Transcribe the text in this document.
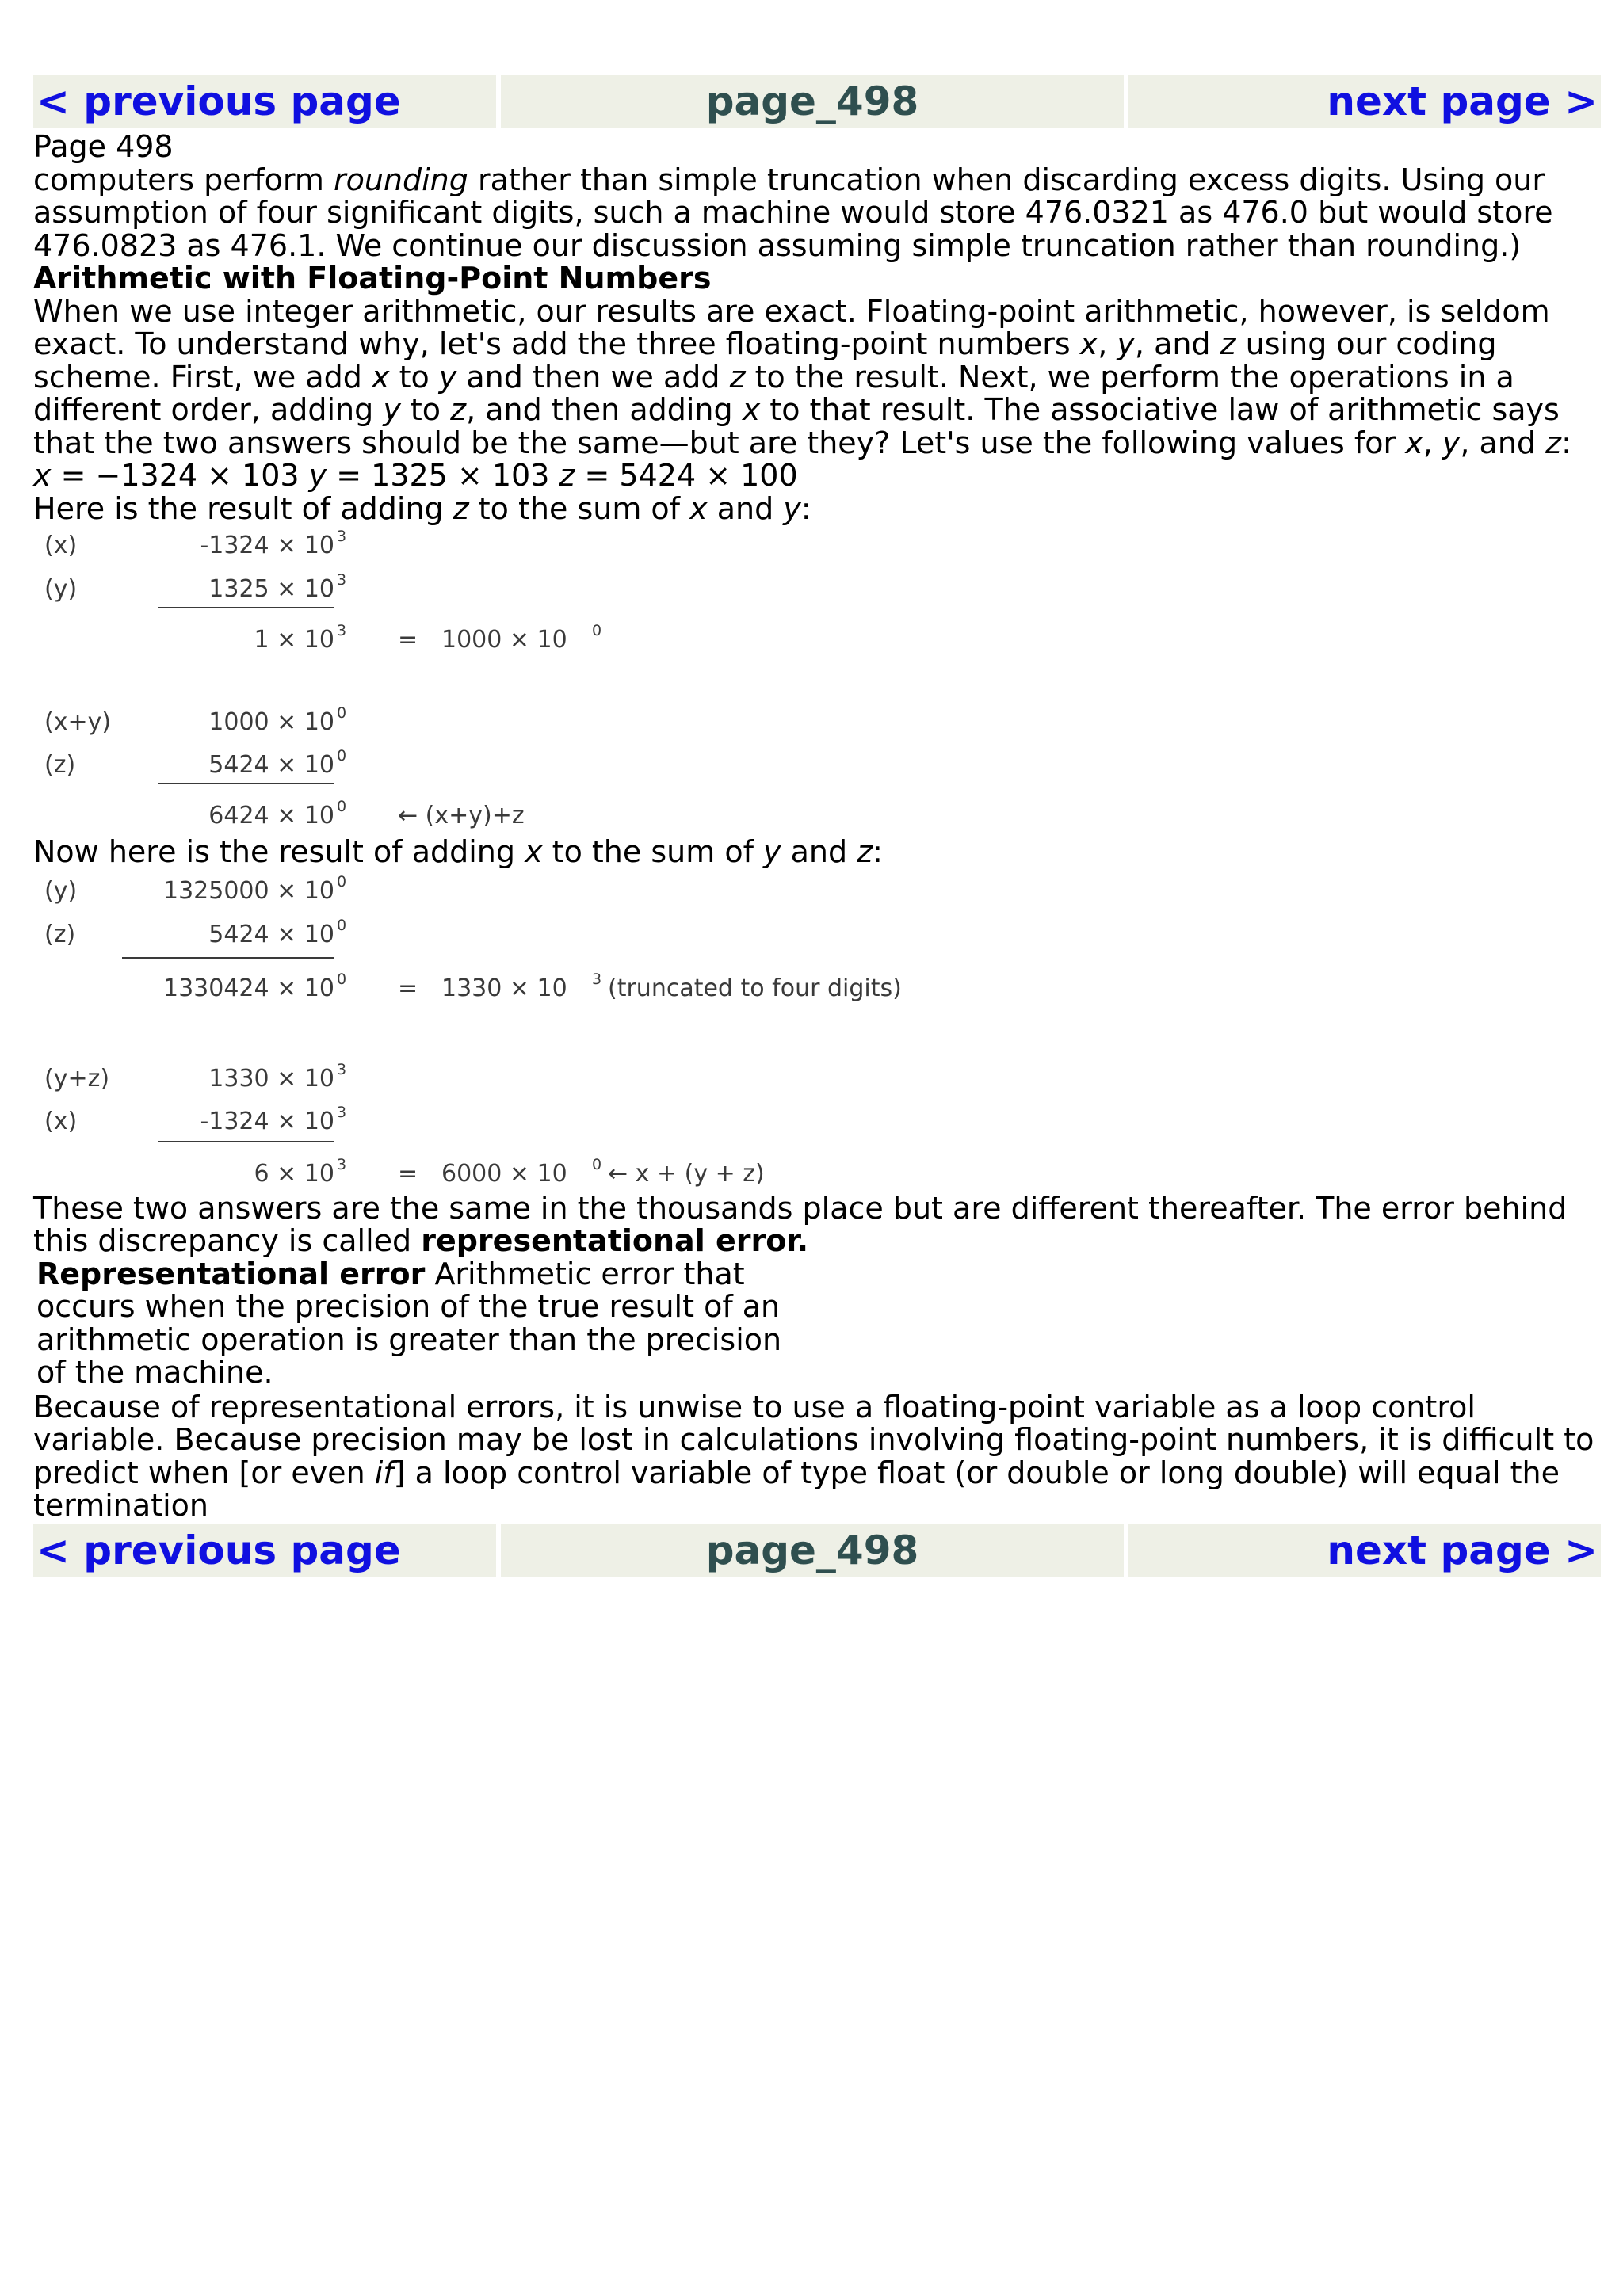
< previous page	page_498	next page >

Page 498

computers perform rounding rather than simple truncation when discarding excess digits. Using our assumption of four significant digits, such a machine would store 476.0321 as 476.0 but would store 476.0823 as 476.1. We continue our discussion assuming simple truncation rather than rounding.)

Arithmetic with Floating-Point Numbers

When we use integer arithmetic, our results are exact. Floating-point arithmetic, however, is seldom exact. To understand why, let's add the three floating-point numbers x, y, and z using our coding scheme. First, we add x to y and then we add z to the result. Next, we perform the operations in a different order, adding y to z, and then adding x to that result. The associative law of arithmetic says that the two answers should be the same—but are they? Let's use the following values for x, y, and z:

x = −1324 × 103 y = 1325 × 103 z = 5424 × 100

Here is the result of adding z to the sum of x and y:

(x)	-1324 × 10 3
(y)	1325 × 10 3
1 × 10 3 = 1000 × 10 0
(x+y)	1000 × 10 0
(z)	5424 × 10 0
6424 × 10 0 ← (x+y)+z

Now here is the result of adding x to the sum of y and z:

(y)	1325000 × 10 0
(z)	5424 × 10 0
1330424 × 10 0 = 1330 × 10 3 (truncated to four digits)
(y+z)	1330 × 10 3
(x)	-1324 × 10 3
6 × 10 3 = 6000 × 10 0 ← x + (y + z)

These two answers are the same in the thousands place but are different thereafter. The error behind this discrepancy is called representational error.

Representational error Arithmetic error that occurs when the precision of the true result of an arithmetic operation is greater than the precision of the machine.

Because of representational errors, it is unwise to use a floating-point variable as a loop control variable. Because precision may be lost in calculations involving floating-point numbers, it is difficult to predict when [or even if] a loop control variable of type float (or double or long double) will equal the termination

< previous page	page_498	next page >
